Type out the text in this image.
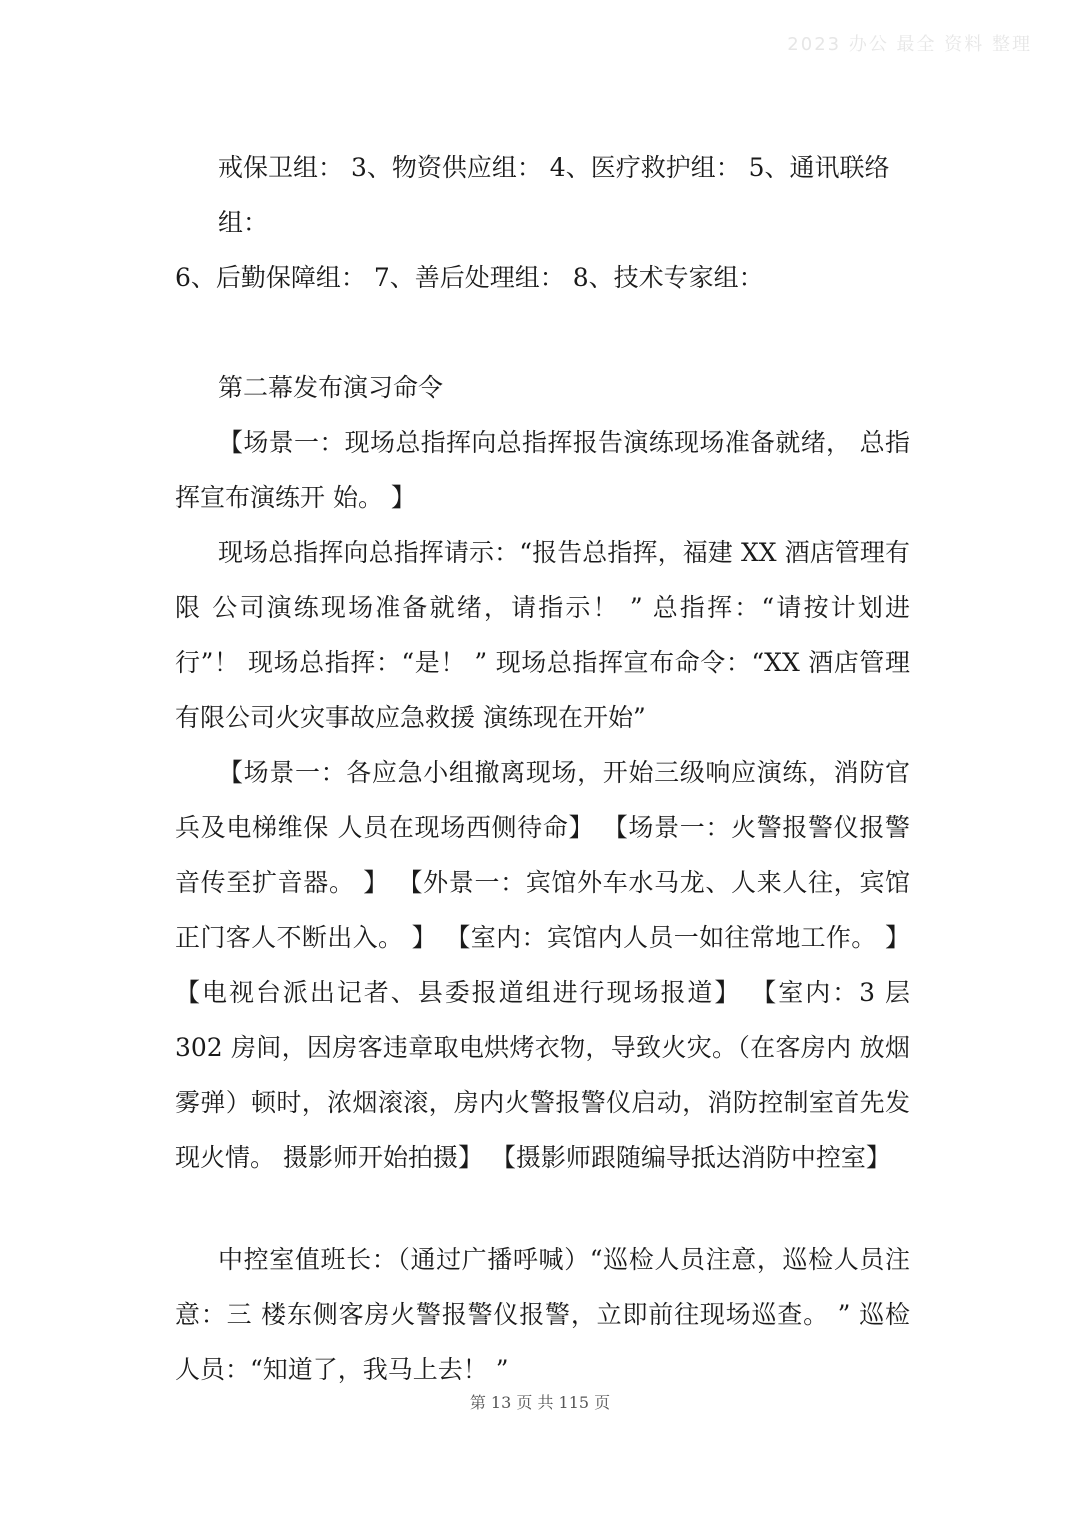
2023 办公 最全 资料 整理

戒保卫组： 3、物资供应组： 4、医疗救护组： 5、通讯联络组：

6、后勤保障组： 7、善后处理组： 8、技术专家组：

第二幕发布演习命令

【场景一：现场总指挥向总指挥报告演练现场准备就绪， 总指挥宣布演练开 始。 】

现场总指挥向总指挥请示：“报告总指挥，福建 XX 酒店管理有限 公司演练现场准备就绪，请指示！ ” 总指挥：“请按计划进行”！ 现场总指挥：“是！ ” 现场总指挥宣布命令：“XX 酒店管理有限公司火灾事故应急救援 演练现在开始”

【场景一：各应急小组撤离现场，开始三级响应演练，消防官兵及电梯维保 人员在现场西侧待命】 【场景一：火警报警仪报警音传至扩音器。 】 【外景一：宾馆外车水马龙、人来人往，宾馆正门客人不断出入。 】 【室内：宾馆内人员一如往常地工作。 】 【电视台派出记者、县委报道组进行现场报道】 【室内：3 层 302 房间，因房客违章取电烘烤衣物，导致火灾。（在客房内 放烟雾弹）顿时，浓烟滚滚，房内火警报警仪启动，消防控制室首先发现火情。 摄影师开始拍摄】 【摄影师跟随编导抵达消防中控室】

中控室值班长：（通过广播呼喊）“巡检人员注意，巡检人员注意：三 楼东侧客房火警报警仪报警，立即前往现场巡查。 ” 巡检人员：“知道了，我马上去！ ”

第 13 页 共 115 页
